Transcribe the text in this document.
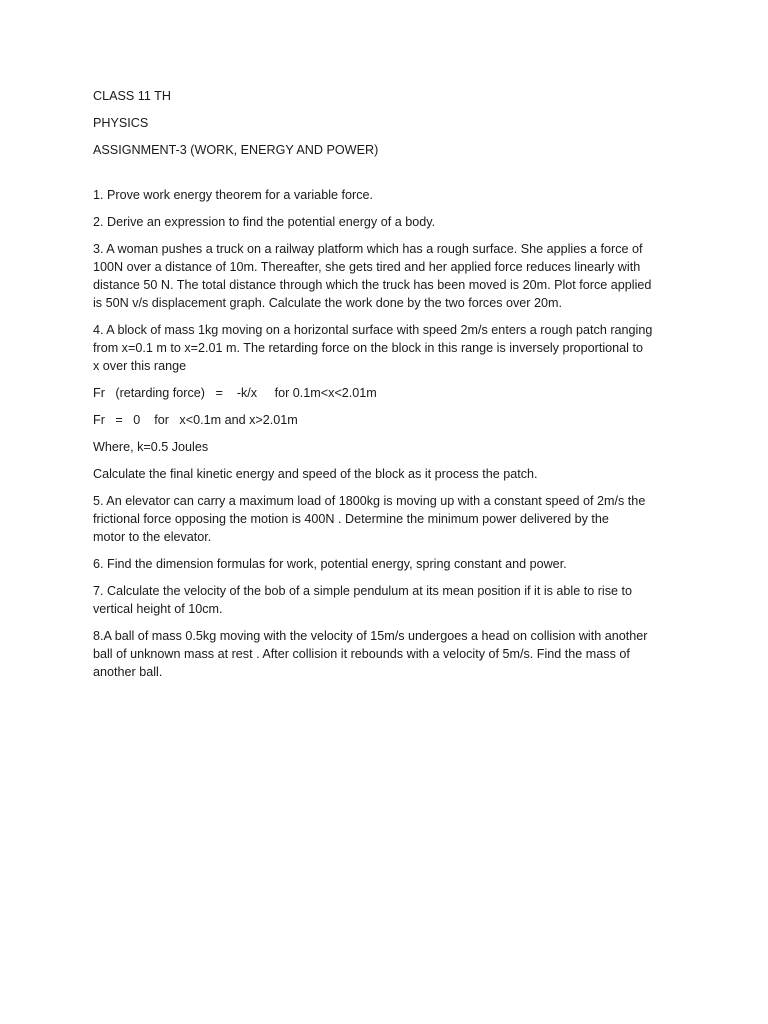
CLASS 11 TH

PHYSICS

ASSIGNMENT-3 (WORK, ENERGY AND POWER)

1. Prove work energy theorem for a variable force.

2. Derive an expression to find the potential energy of a body.

3. A woman pushes a truck on a railway platform which has a rough surface. She applies a force of

100N over a distance of 10m. Thereafter, she gets tired and her applied force reduces linearly with

distance 50 N. The total distance through which the truck has been moved is 20m. Plot force applied

is 50N v/s displacement graph. Calculate the work done by the two forces over 20m.

4. A block of mass 1kg moving on a horizontal surface with speed 2m/s enters a rough patch ranging

from x=0.1 m to x=2.01 m. The retarding force on the block in this range is inversely proportional to

x over this range

Fr   (retarding force)   =    -k/x     for 0.1m<x<2.01m

Fr   =   0    for   x<0.1m and x>2.01m

Where, k=0.5 Joules

Calculate the final kinetic energy and speed of the block as it process the patch.

5. An elevator can carry a maximum load of 1800kg is moving up with a constant speed of 2m/s the

frictional force opposing the motion is 400N . Determine the minimum power delivered by the

motor to the elevator.

6. Find the dimension formulas for work, potential energy, spring constant and power.

7. Calculate the velocity of the bob of a simple pendulum at its mean position if it is able to rise to

vertical height of 10cm.

8.A ball of mass 0.5kg moving with the velocity of 15m/s undergoes a head on collision with another

ball of unknown mass at rest . After collision it rebounds with a velocity of 5m/s. Find the mass of

another ball.
